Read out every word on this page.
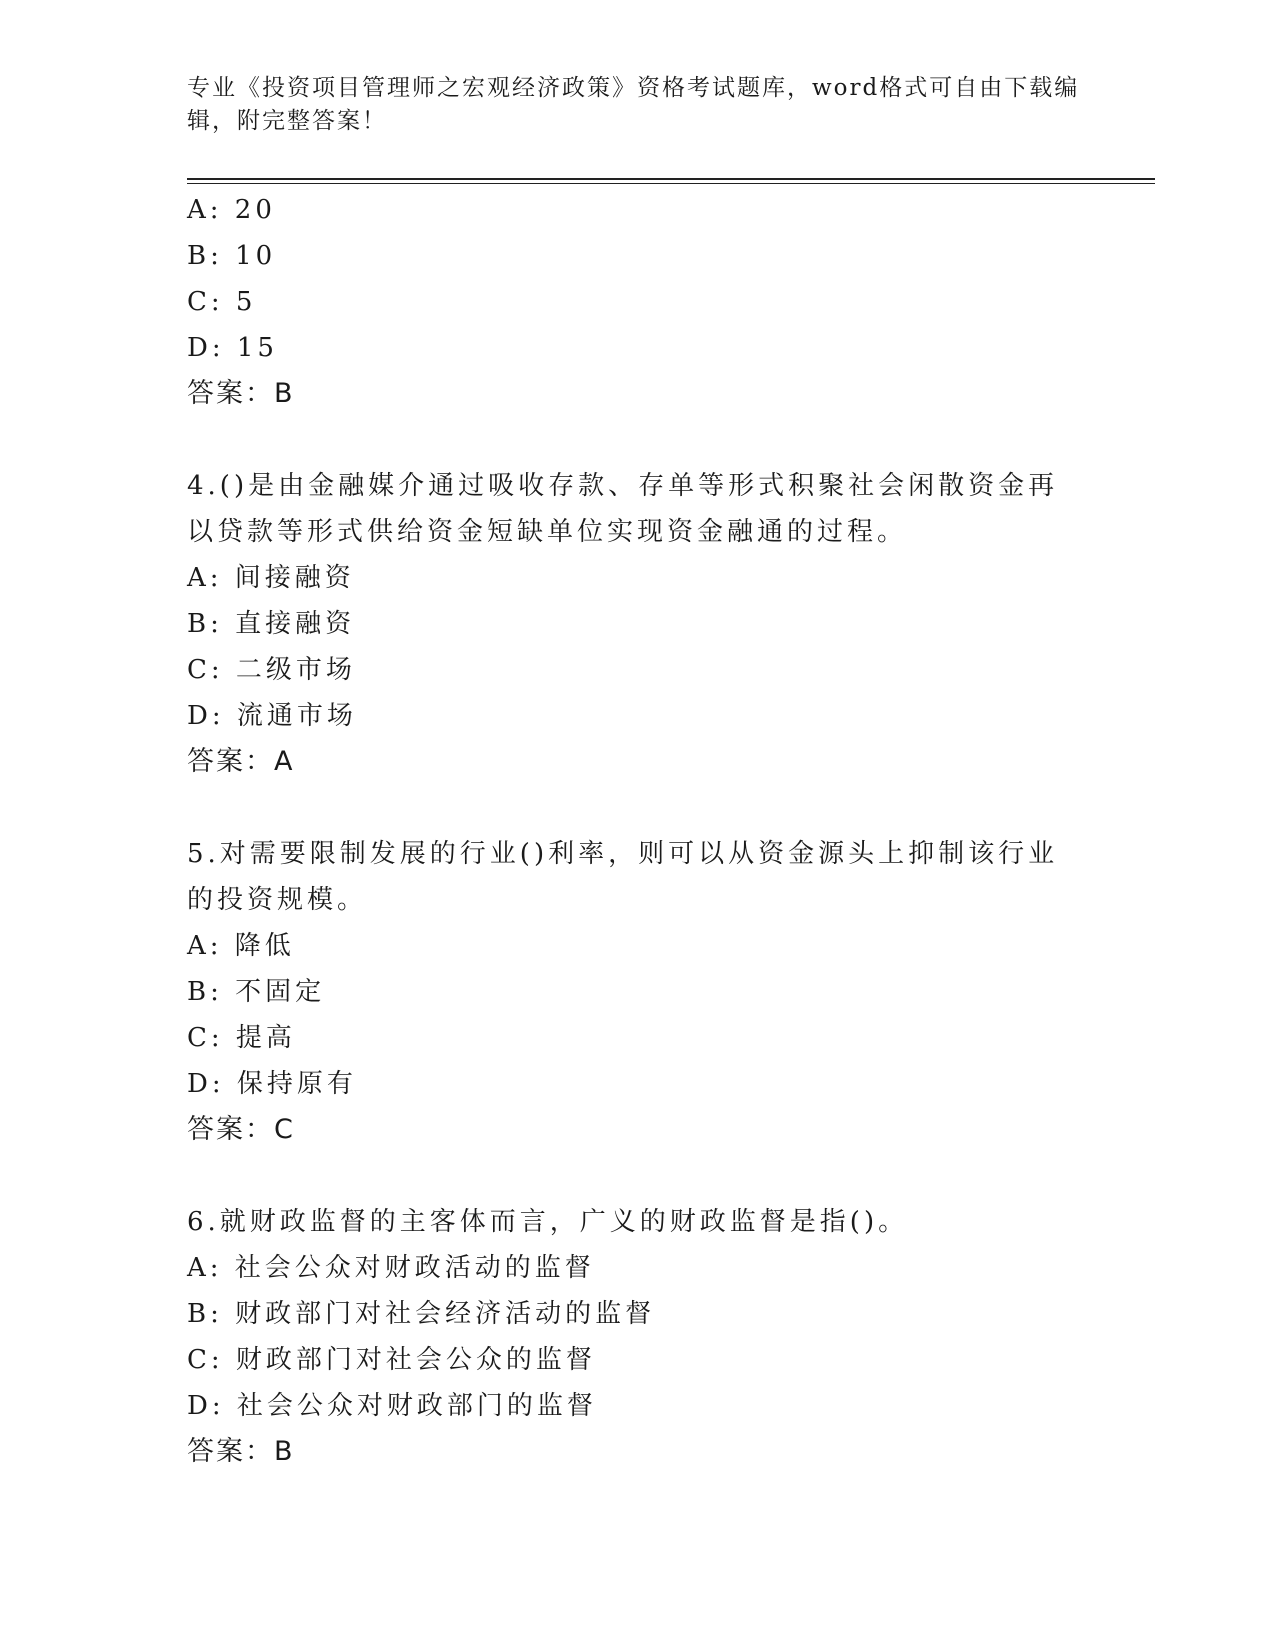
专业《投资项目管理师之宏观经济政策》资格考试题库，word格式可自由下载编辑，附完整答案！
A: 20
B: 10
C: 5
D: 15
答案：B
4.()是由金融媒介通过吸收存款、存单等形式积聚社会闲散资金再以贷款等形式供给资金短缺单位实现资金融通的过程。
A: 间接融资
B: 直接融资
C: 二级市场
D: 流通市场
答案：A
5.对需要限制发展的行业()利率，则可以从资金源头上抑制该行业的投资规模。
A: 降低
B: 不固定
C: 提高
D: 保持原有
答案：C
6.就财政监督的主客体而言，广义的财政监督是指()。
A: 社会公众对财政活动的监督
B: 财政部门对社会经济活动的监督
C: 财政部门对社会公众的监督
D: 社会公众对财政部门的监督
答案：B
